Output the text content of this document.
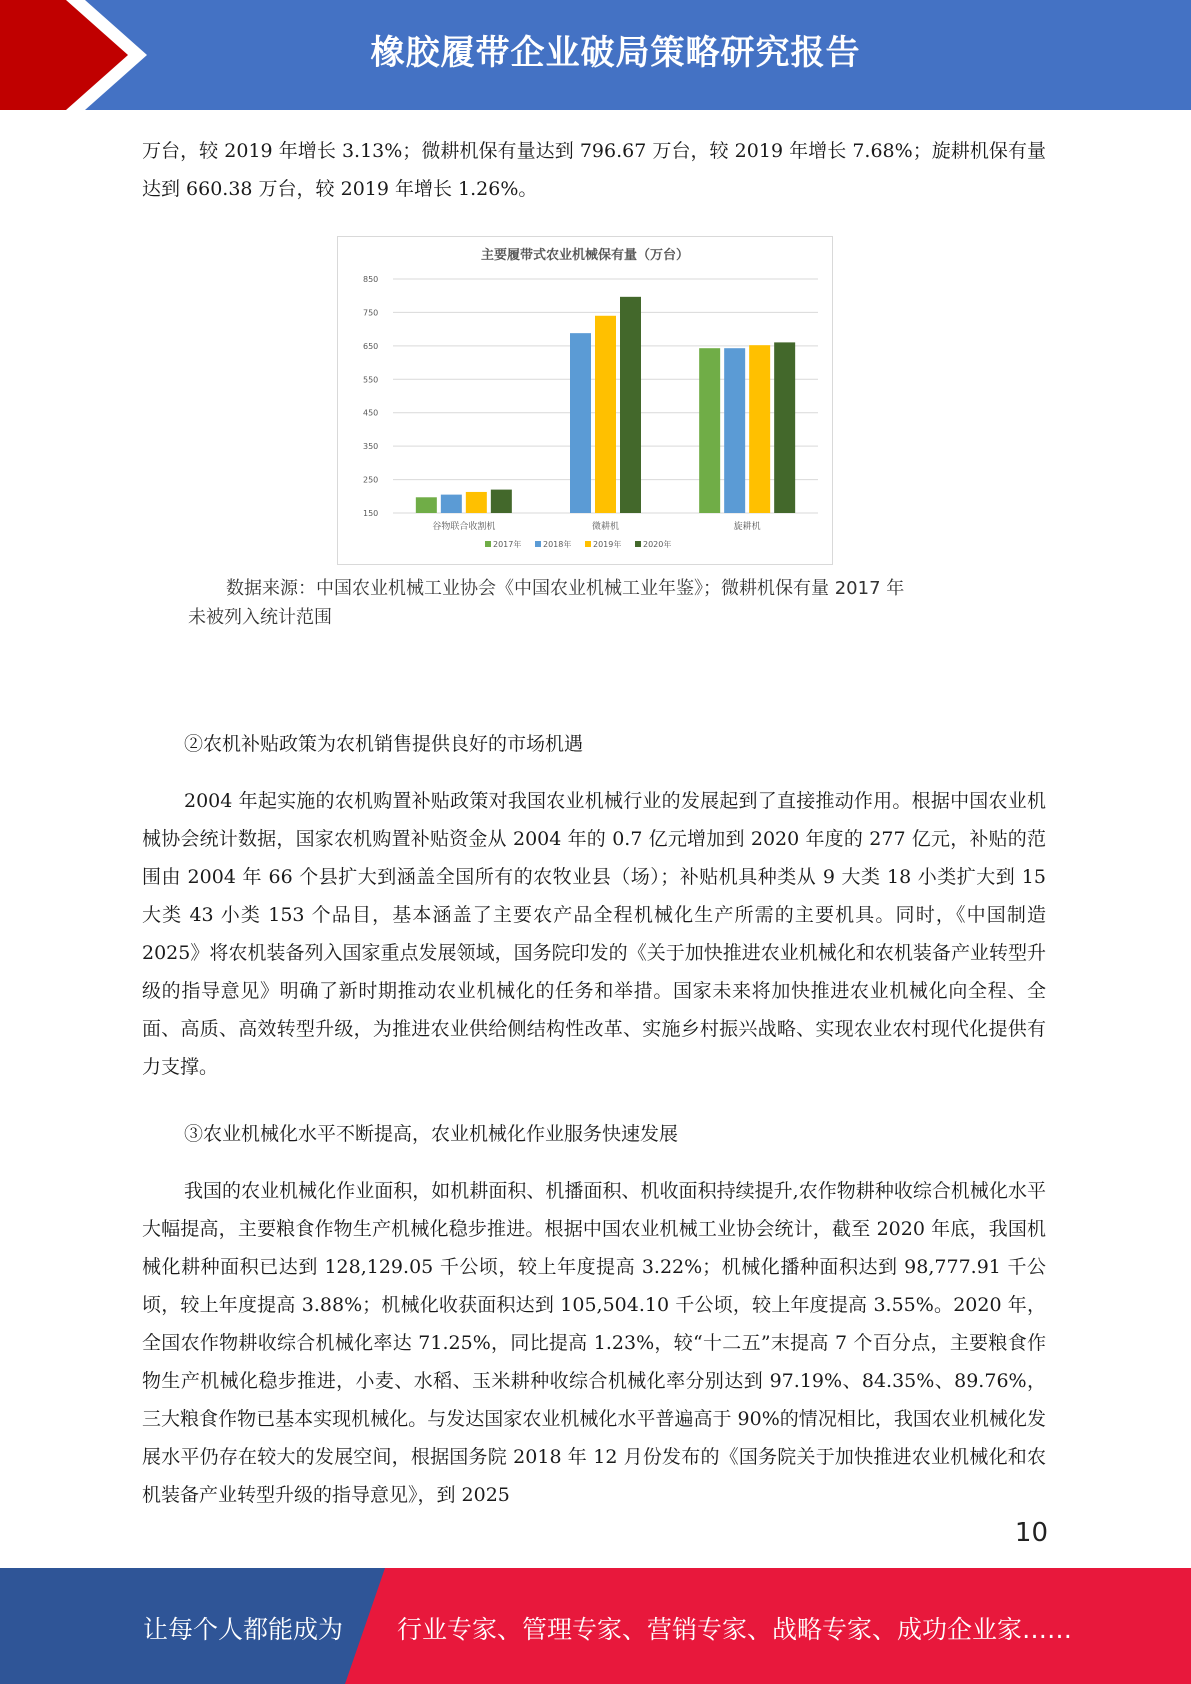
橡胶履带企业破局策略研究报告

万台，较 2019 年增长 3.13%；微耕机保有量达到 796.67 万台，较 2019 年增长 7.68%；旋耕机保有量达到 660.38 万台，较 2019 年增长 1.26%。

主要履带式农业机械保有量（万台）
150
250
350
450
550
650
750
850
谷物联合收割机	微耕机	旋耕机
2017年	2018年	2019年	2020年
数据来源：中国农业机械工业协会《中国农业机械工业年鉴》；微耕机保有量 2017 年
未被列入统计范围

②农机补贴政策为农机销售提供良好的市场机遇

2004 年起实施的农机购置补贴政策对我国农业机械行业的发展起到了直接推动作用。根据中国农业机械协会统计数据，国家农机购置补贴资金从 2004 年的 0.7 亿元增加到 2020 年度的 277 亿元，补贴的范围由 2004 年 66 个县扩大到涵盖全国所有的农牧业县（场）；补贴机具种类从 9 大类 18 小类扩大到 15 大类 43 小类 153 个品目，基本涵盖了主要农产品全程机械化生产所需的主要机具。同时，《中国制造 2025》将农机装备列入国家重点发展领域，国务院印发的《关于加快推进农业机械化和农机装备产业转型升级的指导意见》明确了新时期推动农业机械化的任务和举措。国家未来将加快推进农业机械化向全程、全面、高质、高效转型升级，为推进农业供给侧结构性改革、实施乡村振兴战略、实现农业农村现代化提供有力支撑。

③农业机械化水平不断提高，农业机械化作业服务快速发展

我国的农业机械化作业面积，如机耕面积、机播面积、机收面积持续提升,农作物耕种收综合机械化水平大幅提高，主要粮食作物生产机械化稳步推进。根据中国农业机械工业协会统计，截至 2020 年底，我国机械化耕种面积已达到 128,129.05 千公顷，较上年度提高 3.22%；机械化播种面积达到 98,777.91 千公顷，较上年度提高 3.88%；机械化收获面积达到 105,504.10 千公顷，较上年度提高 3.55%。2020 年，全国农作物耕收综合机械化率达 71.25%，同比提高 1.23%，较“十二五”末提高 7 个百分点，主要粮食作物生产机械化稳步推进，小麦、水稻、玉米耕种收综合机械化率分别达到 97.19%、84.35%、89.76%，三大粮食作物已基本实现机械化。与发达国家农业机械化水平普遍高于 90%的情况相比，我国农业机械化发展水平仍存在较大的发展空间，根据国务院 2018 年 12 月份发布的《国务院关于加快推进农业机械化和农机装备产业转型升级的指导意见》，到 2025

10
让每个人都能成为 行业专家、管理专家、营销专家、战略专家、成功企业家……
